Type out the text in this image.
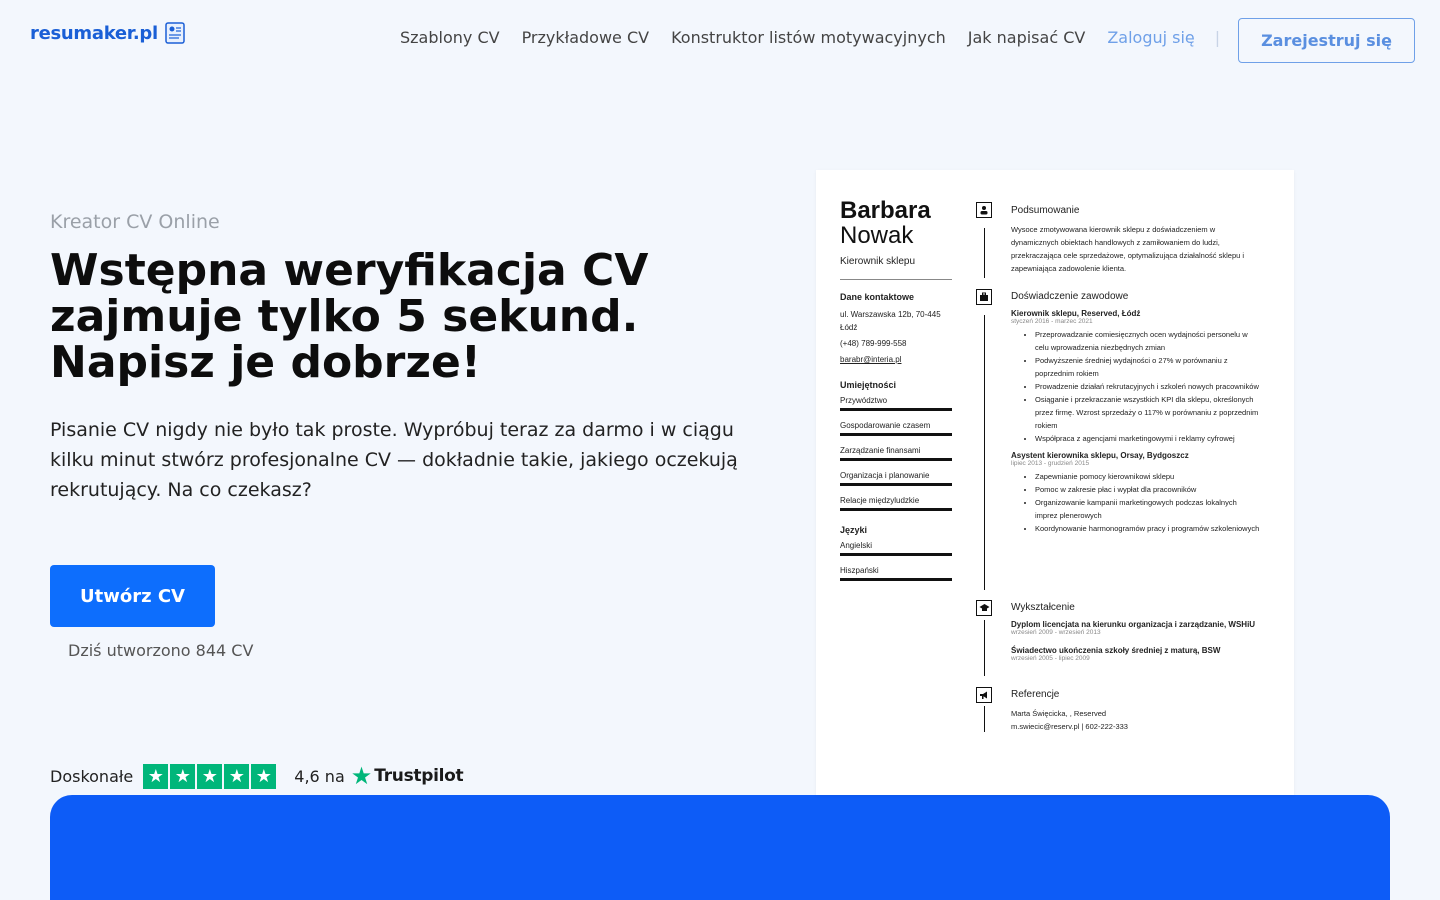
resumaker.pl	Szablony CV Przykładowe CV Konstruktor listów motywacyjnych Jak napisać CV Zaloguj się |	Zarejestruj się
Kreator CV Online
Wstępna weryfikacja CV zajmuje tylko 5 sekund. Napisz je dobrze!

Pisanie CV nigdy nie było tak proste. Wypróbuj teraz za darmo i w ciągu kilku minut stwórz profesjonalne CV — dokładnie takie, jakiego oczekują rekrutujący. Na co czekasz?

Utwórz CV
Dziś utworzono 844 CV
Doskonałe ★ ★ ★ ★ ★ 4,6 na ★ Trustpilot
Barbara
Nowak
Kierownik sklepu
Dane kontaktowe
ul. Warszawska 12b, 70-445 Łódź
(+48) 789-999-558
barabr@interia.pl
Umiejętności
Przywództwo
Gospodarowanie czasem
Zarządzanie finansami
Organizacja i planowanie
Relacje międzyludzkie
Języki
Angielski
Hiszpański
Podsumowanie
Wysoce zmotywowana kierownik sklepu z doświadczeniem w dynamicznych obiektach handlowych z zamiłowaniem do ludzi, przekraczająca cele sprzedażowe, optymalizująca działalność sklepu i zapewniająca zadowolenie klienta.
Doświadczenie zawodowe
Kierownik sklepu, Reserved, Łódź
styczeń 2016 - marzec 2021
• Przeprowadzanie comiesięcznych ocen wydajności personelu w celu wprowadzenia niezbędnych zmian
• Podwyższenie średniej wydajności o 27% w porównaniu z poprzednim rokiem
• Prowadzenie działań rekrutacyjnych i szkoleń nowych pracowników
• Osiąganie i przekraczanie wszystkich KPI dla sklepu, określonych przez firmę. Wzrost sprzedaży o 117% w porównaniu z poprzednim rokiem
• Współpraca z agencjami marketingowymi i reklamy cyfrowej
Asystent kierownika sklepu, Orsay, Bydgoszcz
lipiec 2013 - grudzień 2015
• Zapewnianie pomocy kierownikowi sklepu
• Pomoc w zakresie płac i wypłat dla pracowników
• Organizowanie kampanii marketingowych podczas lokalnych imprez plenerowych
• Koordynowanie harmonogramów pracy i programów szkoleniowych
Wykształcenie
Dyplom licencjata na kierunku organizacja i zarządzanie, WSHiU
wrzesień 2009 - wrzesień 2013
Świadectwo ukończenia szkoły średniej z maturą, BSW
wrzesień 2005 - lipiec 2009
Referencje
Marta Święcicka, , Reserved
m.swiecic@reserv.pl | 602-222-333
